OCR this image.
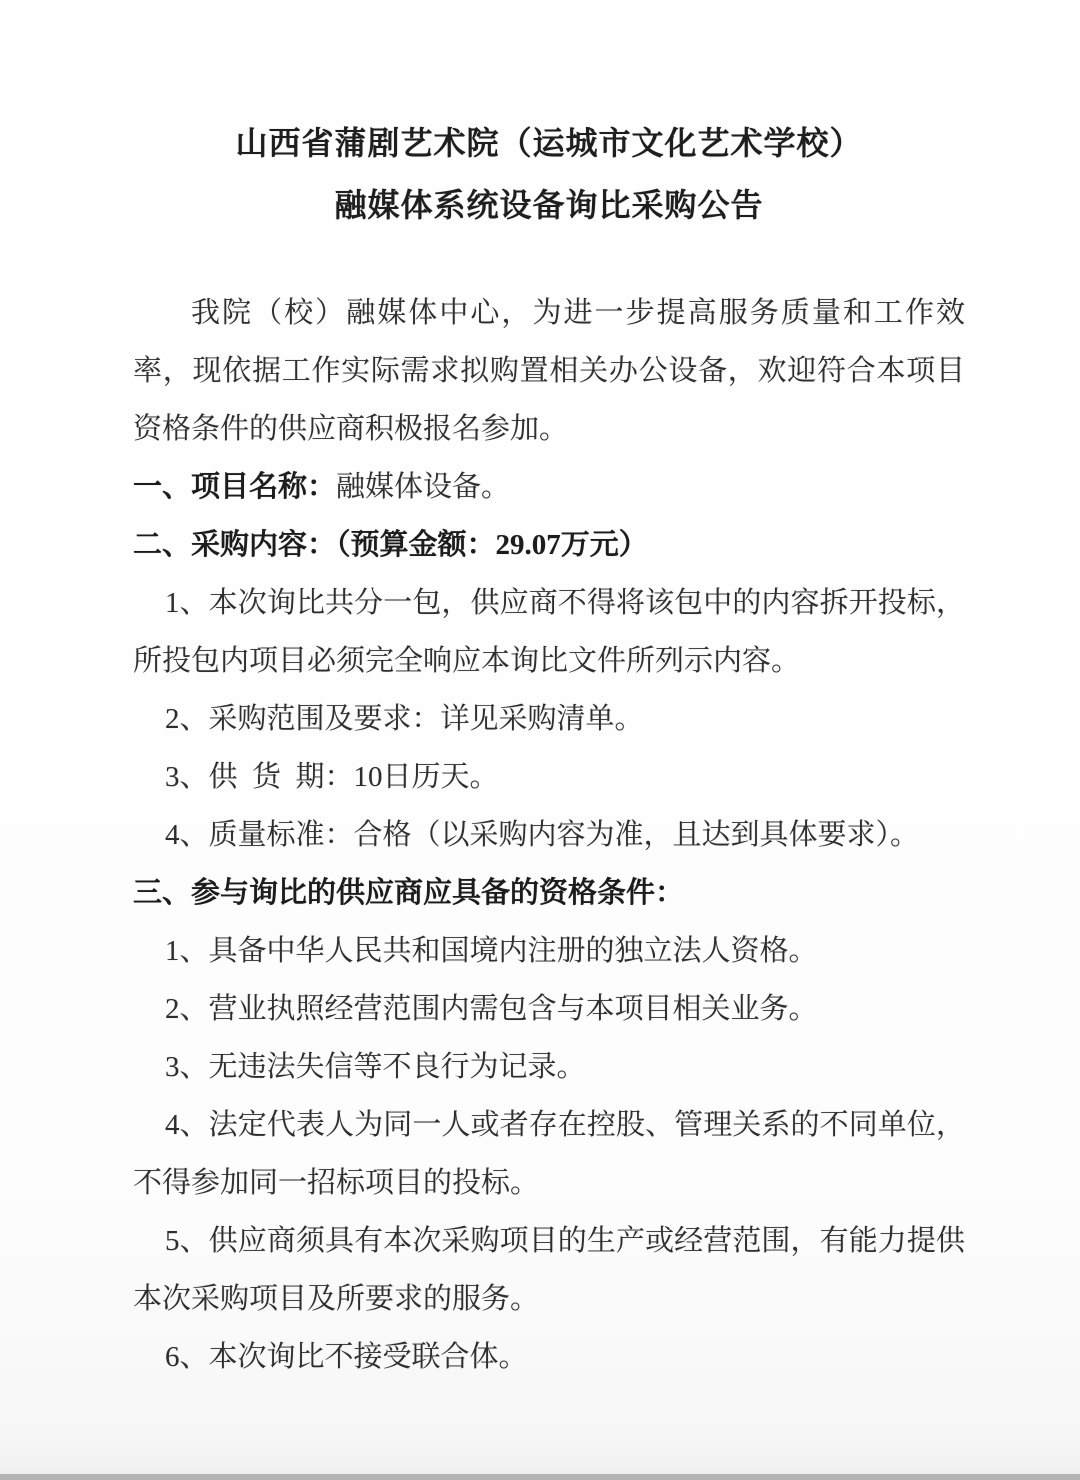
山西省蒲剧艺术院（运城市文化艺术学校）
融媒体系统设备询比采购公告

我院（校）融媒体中心，为进一步提高服务质量和工作效率，现依据工作实际需求拟购置相关办公设备，欢迎符合本项目资格条件的供应商积极报名参加。

一、项目名称：融媒体设备。

二、采购内容：（预算金额：29.07万元）

1、本次询比共分一包，供应商不得将该包中的内容拆开投标，所投包内项目必须完全响应本询比文件所列示内容。

2、采购范围及要求：详见采购清单。

3、供 货 期：10日历天。

4、质量标准：合格（以采购内容为准，且达到具体要求）。

三、参与询比的供应商应具备的资格条件：

1、具备中华人民共和国境内注册的独立法人资格。

2、营业执照经营范围内需包含与本项目相关业务。

3、无违法失信等不良行为记录。

4、法定代表人为同一人或者存在控股、管理关系的不同单位，不得参加同一招标项目的投标。

5、供应商须具有本次采购项目的生产或经营范围，有能力提供本次采购项目及所要求的服务。

6、本次询比不接受联合体。
